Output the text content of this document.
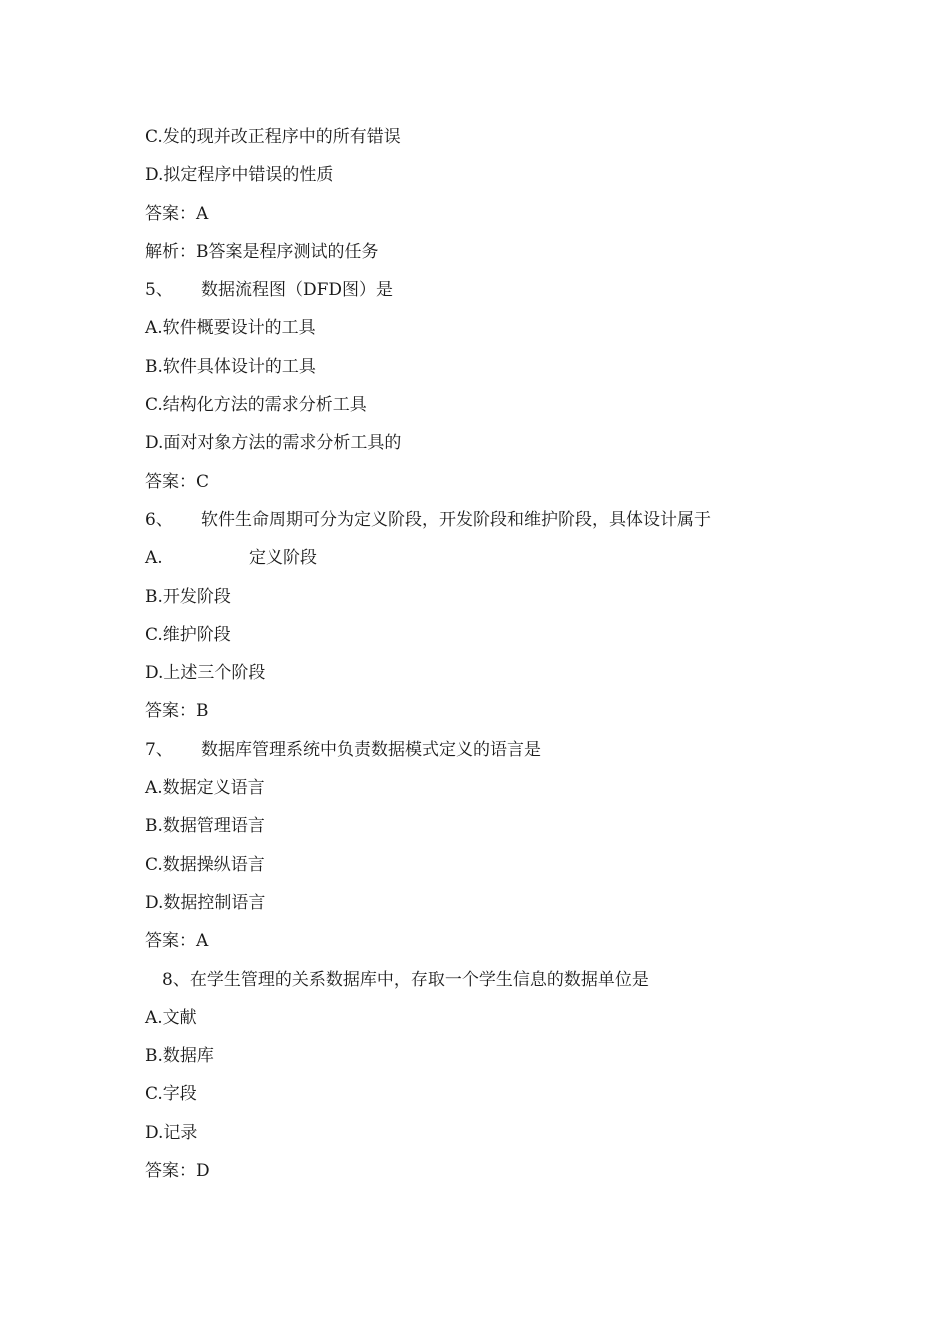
C.发的现并改正程序中的所有错误
D.拟定程序中错误的性质
答案：A
解析：B答案是程序测试的任务
5、 数据流程图（DFD图）是
A.软件概要设计的工具
B.软件具体设计的工具
C.结构化方法的需求分析工具
D.面对对象方法的需求分析工具的
答案：C
6、 软件生命周期可分为定义阶段，开发阶段和维护阶段，具体设计属于
A.	定义阶段
B.开发阶段
C.维护阶段
D.上述三个阶段
答案：B
7、 数据库管理系统中负责数据模式定义的语言是
A.数据定义语言
B.数据管理语言
C.数据操纵语言
D.数据控制语言
答案：A
8、在学生管理的关系数据库中，存取一个学生信息的数据单位是
A.文献
B.数据库
C.字段
D.记录
答案：D
